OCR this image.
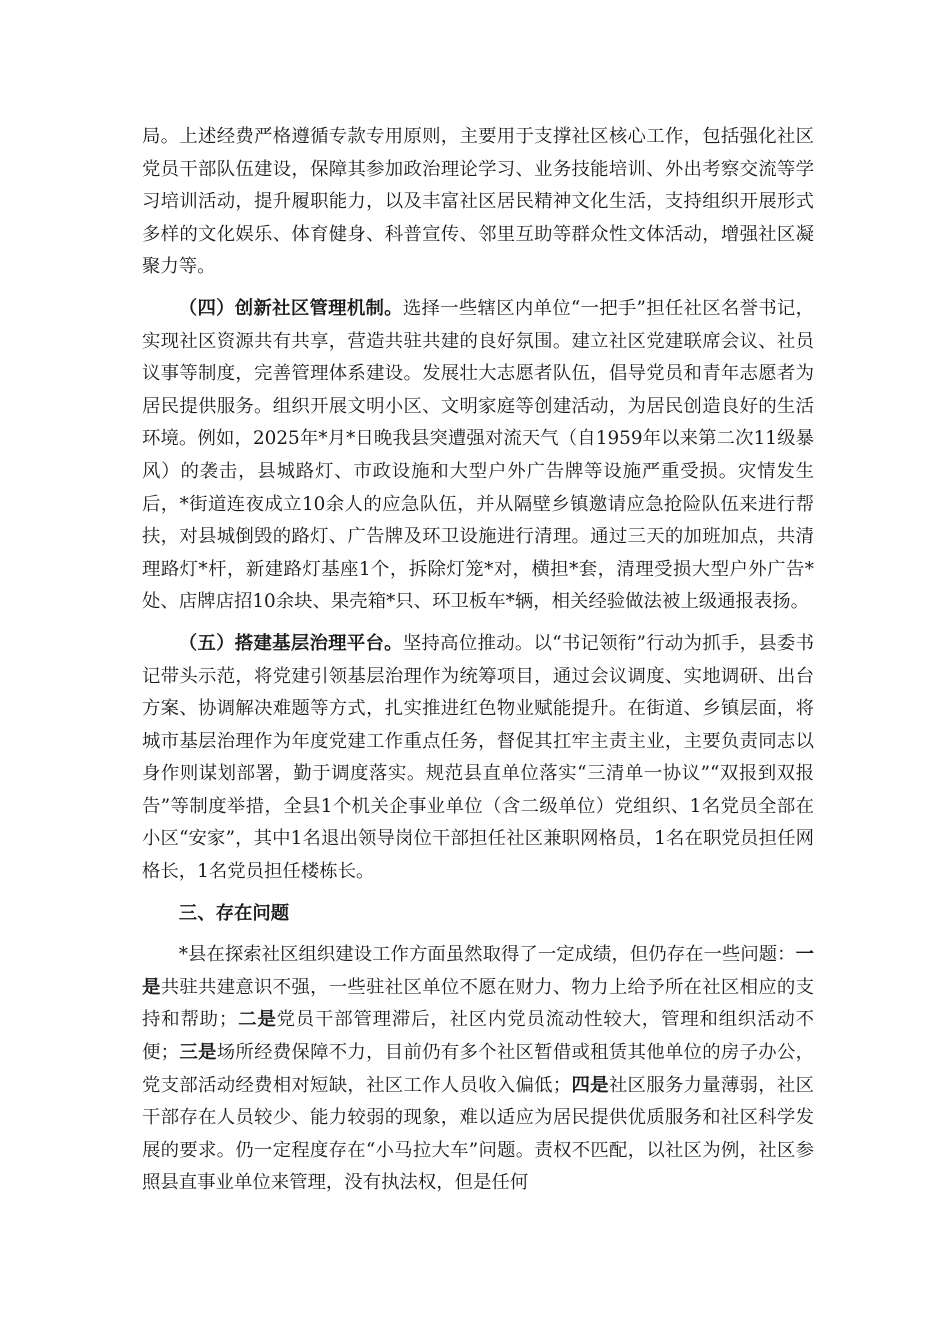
局。上述经费严格遵循专款专用原则，主要用于支撑社区核心工作，包括强化社区党员干部队伍建设，保障其参加政治理论学习、业务技能培训、外出考察交流等学习培训活动，提升履职能力，以及丰富社区居民精神文化生活，支持组织开展形式多样的文化娱乐、体育健身、科普宣传、邻里互助等群众性文体活动，增强社区凝聚力等。

（四）创新社区管理机制。选择一些辖区内单位“一把手”担任社区名誉书记，实现社区资源共有共享，营造共驻共建的良好氛围。建立社区党建联席会议、社员议事等制度，完善管理体系建设。发展壮大志愿者队伍，倡导党员和青年志愿者为居民提供服务。组织开展文明小区、文明家庭等创建活动，为居民创造良好的生活环境。例如，2025年*月*日晚我县突遭强对流天气（自1959年以来第二次11级暴风）的袭击，县城路灯、市政设施和大型户外广告牌等设施严重受损。灾情发生后，*街道连夜成立10余人的应急队伍，并从隔壁乡镇邀请应急抢险队伍来进行帮扶，对县城倒毁的路灯、广告牌及环卫设施进行清理。通过三天的加班加点，共清理路灯*杆，新建路灯基座1个，拆除灯笼*对，横担*套，清理受损大型户外广告*处、店牌店招10余块、果壳箱*只、环卫板车*辆，相关经验做法被上级通报表扬。

（五）搭建基层治理平台。坚持高位推动。以“书记领衔”行动为抓手，县委书记带头示范，将党建引领基层治理作为统筹项目，通过会议调度、实地调研、出台方案、协调解决难题等方式，扎实推进红色物业赋能提升。在街道、乡镇层面，将城市基层治理作为年度党建工作重点任务，督促其扛牢主责主业，主要负责同志以身作则谋划部署，勤于调度落实。规范县直单位落实“三清单一协议”“双报到双报告”等制度举措，全县1个机关企事业单位（含二级单位）党组织、1名党员全部在小区“安家”，其中1名退出领导岗位干部担任社区兼职网格员，1名在职党员担任网格长，1名党员担任楼栋长。

三、存在问题

*县在探索社区组织建设工作方面虽然取得了一定成绩，但仍存在一些问题：一是共驻共建意识不强，一些驻社区单位不愿在财力、物力上给予所在社区相应的支持和帮助；二是党员干部管理滞后，社区内党员流动性较大，管理和组织活动不便；三是场所经费保障不力，目前仍有多个社区暂借或租赁其他单位的房子办公，党支部活动经费相对短缺，社区工作人员收入偏低；四是社区服务力量薄弱，社区干部存在人员较少、能力较弱的现象，难以适应为居民提供优质服务和社区科学发展的要求。仍一定程度存在“小马拉大车”问题。责权不匹配，以社区为例，社区参照县直事业单位来管理，没有执法权，但是任何
